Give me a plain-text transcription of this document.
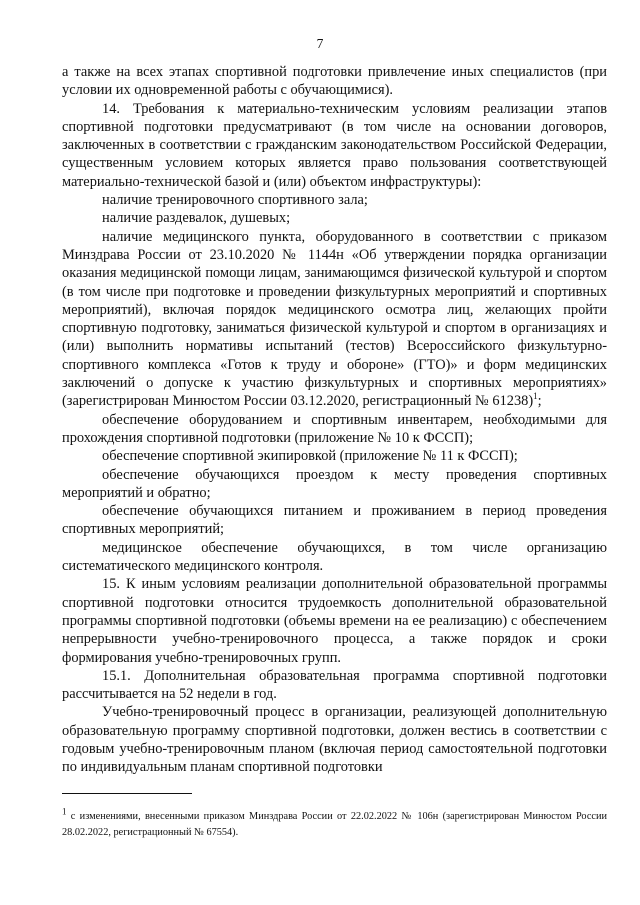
7

а также на всех этапах спортивной подготовки привлечение иных специалистов (при условии их одновременной работы с обучающимися).

14. Требования к материально-техническим условиям реализации этапов спортивной подготовки предусматривают (в том числе на основании договоров, заключенных в соответствии с гражданским законодательством Российской Федерации, существенным условием которых является право пользования соответствующей материально-технической базой и (или) объектом инфраструктуры):

наличие тренировочного спортивного зала;

наличие раздевалок, душевых;

наличие медицинского пункта, оборудованного в соответствии с приказом Минздрава России от 23.10.2020 № 1144н «Об утверждении порядка организации оказания медицинской помощи лицам, занимающимся физической культурой и спортом (в том числе при подготовке и проведении физкультурных мероприятий и спортивных мероприятий), включая порядок медицинского осмотра лиц, желающих пройти спортивную подготовку, заниматься физической культурой и спортом в организациях и (или) выполнить нормативы испытаний (тестов) Всероссийского физкультурно-спортивного комплекса «Готов к труду и обороне» (ГТО)» и форм медицинских заключений о допуске к участию физкультурных и спортивных мероприятиях» (зарегистрирован Минюстом России 03.12.2020, регистрационный № 61238)$^1$;

обеспечение оборудованием и спортивным инвентарем, необходимыми для прохождения спортивной подготовки (приложение № 10 к ФССП);

обеспечение спортивной экипировкой (приложение № 11 к ФССП);

обеспечение обучающихся проездом к месту проведения спортивных мероприятий и обратно;

обеспечение обучающихся питанием и проживанием в период проведения спортивных мероприятий;

медицинское обеспечение обучающихся, в том числе организацию систематического медицинского контроля.

15. К иным условиям реализации дополнительной образовательной программы спортивной подготовки относится трудоемкость дополнительной образовательной программы спортивной подготовки (объемы времени на ее реализацию) с обеспечением непрерывности учебно-тренировочного процесса, а также порядок и сроки формирования учебно-тренировочных групп.

15.1. Дополнительная образовательная программа спортивной подготовки рассчитывается на 52 недели в год.

Учебно-тренировочный процесс в организации, реализующей дополнительную образовательную программу спортивной подготовки, должен вестись в соответствии с годовым учебно-тренировочным планом (включая период самостоятельной подготовки по индивидуальным планам спортивной подготовки

$^1$ с изменениями, внесенными приказом Минздрава России от 22.02.2022 № 106н (зарегистрирован Минюстом России 28.02.2022, регистрационный № 67554).
